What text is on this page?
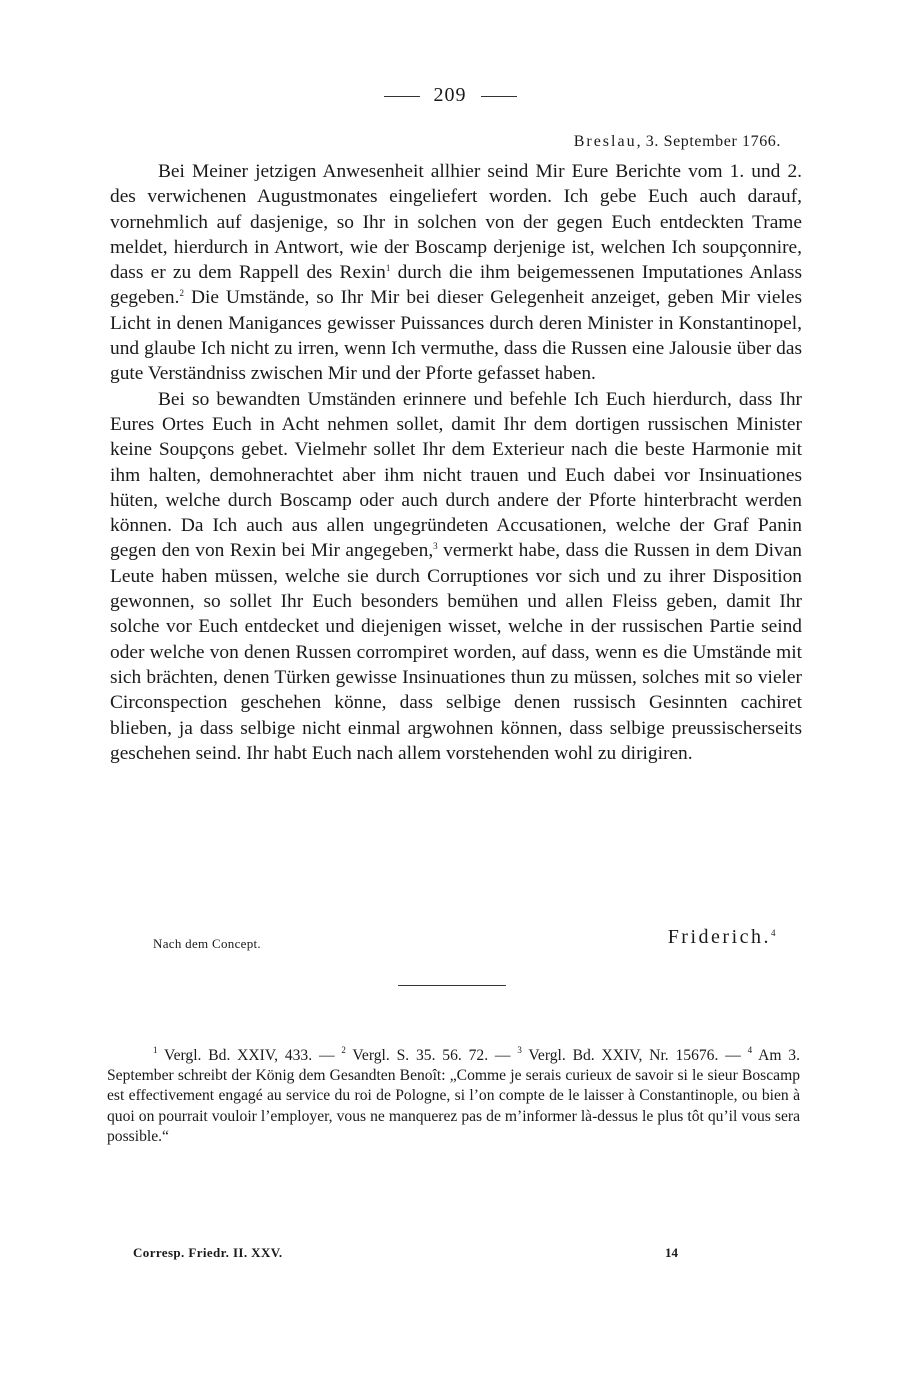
209
Breslau, 3. September 1766.

Bei Meiner jetzigen Anwesenheit allhier seind Mir Eure Berichte vom 1. und 2. des verwichenen Augustmonates eingeliefert worden. Ich gebe Euch auch darauf, vornehmlich auf dasjenige, so Ihr in solchen von der gegen Euch entdeckten Trame meldet, hierdurch in Antwort, wie der Boscamp derjenige ist, welchen Ich soupçonnire, dass er zu dem Rappell des Rexin$^1$ durch die ihm beigemessenen Imputationes Anlass gegeben.$^2$ Die Umstände, so Ihr Mir bei dieser Gelegenheit anzeiget, geben Mir vieles Licht in denen Manigances gewisser Puissances durch deren Minister in Konstantinopel, und glaube Ich nicht zu irren, wenn Ich vermuthe, dass die Russen eine Jalousie über das gute Verständniss zwischen Mir und der Pforte gefasset haben.

Bei so bewandten Umständen erinnere und befehle Ich Euch hierdurch, dass Ihr Eures Ortes Euch in Acht nehmen sollet, damit Ihr dem dortigen russischen Minister keine Soupçons gebet. Vielmehr sollet Ihr dem Exterieur nach die beste Harmonie mit ihm halten, demohnerachtet aber ihm nicht trauen und Euch dabei vor Insinuationes hüten, welche durch Boscamp oder auch durch andere der Pforte hinterbracht werden können. Da Ich auch aus allen ungegründeten Accusationen, welche der Graf Panin gegen den von Rexin bei Mir angegeben,$^3$ vermerkt habe, dass die Russen in dem Divan Leute haben müssen, welche sie durch Corruptiones vor sich und zu ihrer Disposition gewonnen, so sollet Ihr Euch besonders bemühen und allen Fleiss geben, damit Ihr solche vor Euch entdecket und diejenigen wisset, welche in der russischen Partie seind oder welche von denen Russen corrompiret worden, auf dass, wenn es die Umstände mit sich brächten, denen Türken gewisse Insinuationes thun zu müssen, solches mit so vieler Circonspection geschehen könne, dass selbige denen russisch Gesinnten cachiret blieben, ja dass selbige nicht einmal argwohnen können, dass selbige preussischerseits geschehen seind. Ihr habt Euch nach allem vorstehenden wohl zu dirigiren.

Nach dem Concept.	Friderich.$^4$

$^1$ Vergl. Bd. XXIV, 433. — $^2$ Vergl. S. 35. 56. 72. — $^3$ Vergl. Bd. XXIV, Nr. 15676. — $^4$ Am 3. September schreibt der König dem Gesandten Benoît: „Comme je serais curieux de savoir si le sieur Boscamp est effectivement engagé au service du roi de Pologne, si l’on compte de le laisser à Constantinople, ou bien à quoi on pourrait vouloir l’employer, vous ne manquerez pas de m’informer là-dessus le plus tôt qu’il vous sera possible.“

Corresp. Friedr. II. XXV.	14
